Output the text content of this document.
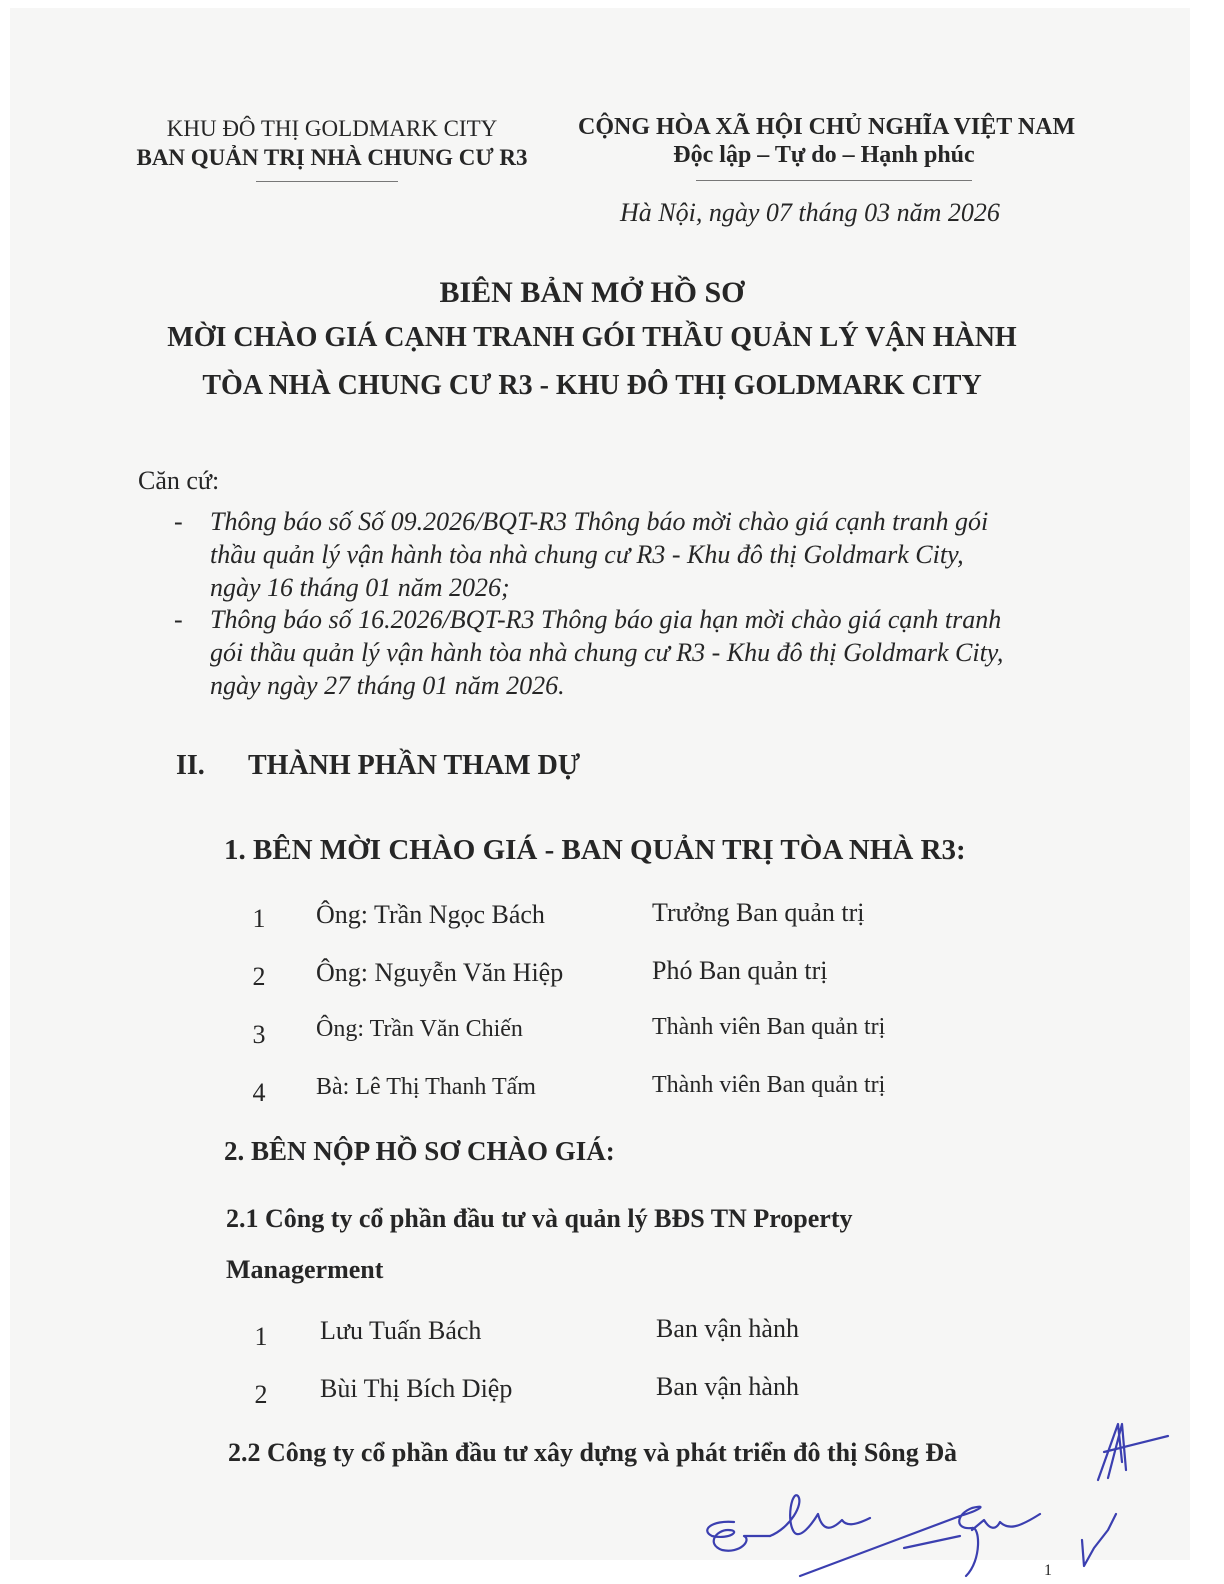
KHU ĐÔ THỊ GOLDMARK CITY
BAN QUẢN TRỊ NHÀ CHUNG CƯ R3
CỘNG HÒA XÃ HỘI CHỦ NGHĨA VIỆT NAM
Độc lập – Tự do – Hạnh phúc
Hà Nội, ngày 07 tháng 03 năm 2026
BIÊN BẢN MỞ HỒ SƠ
MỜI CHÀO GIÁ CẠNH TRANH GÓI THẦU QUẢN LÝ VẬN HÀNH
TÒA NHÀ CHUNG CƯ R3 - KHU ĐÔ THỊ GOLDMARK CITY
Căn cứ:
- Thông báo số Số 09.2026/BQT-R3 Thông báo mời chào giá cạnh tranh gói
thầu quản lý vận hành tòa nhà chung cư R3 - Khu đô thị Goldmark City,
ngày 16 tháng 01 năm 2026;
- Thông báo số 16.2026/BQT-R3 Thông báo gia hạn mời chào giá cạnh tranh
gói thầu quản lý vận hành tòa nhà chung cư R3 - Khu đô thị Goldmark City,
ngày ngày 27 tháng 01 năm 2026.
II. THÀNH PHẦN THAM DỰ
1. BÊN MỜI CHÀO GIÁ - BAN QUẢN TRỊ TÒA NHÀ R3:
1	Ông: Trần Ngọc Bách	Trưởng Ban quản trị
2	Ông: Nguyễn Văn Hiệp	Phó Ban quản trị
3	Ông: Trần Văn Chiến	Thành viên Ban quản trị
4	Bà: Lê Thị Thanh Tấm	Thành viên Ban quản trị
2. BÊN NỘP HỒ SƠ CHÀO GIÁ:
2.1 Công ty cổ phần đầu tư và quản lý BĐS TN Property
Managerment
1	Lưu Tuấn Bách	Ban vận hành
2	Bùi Thị Bích Diệp	Ban vận hành
2.2 Công ty cổ phần đầu tư xây dựng và phát triển đô thị Sông Đà
1
